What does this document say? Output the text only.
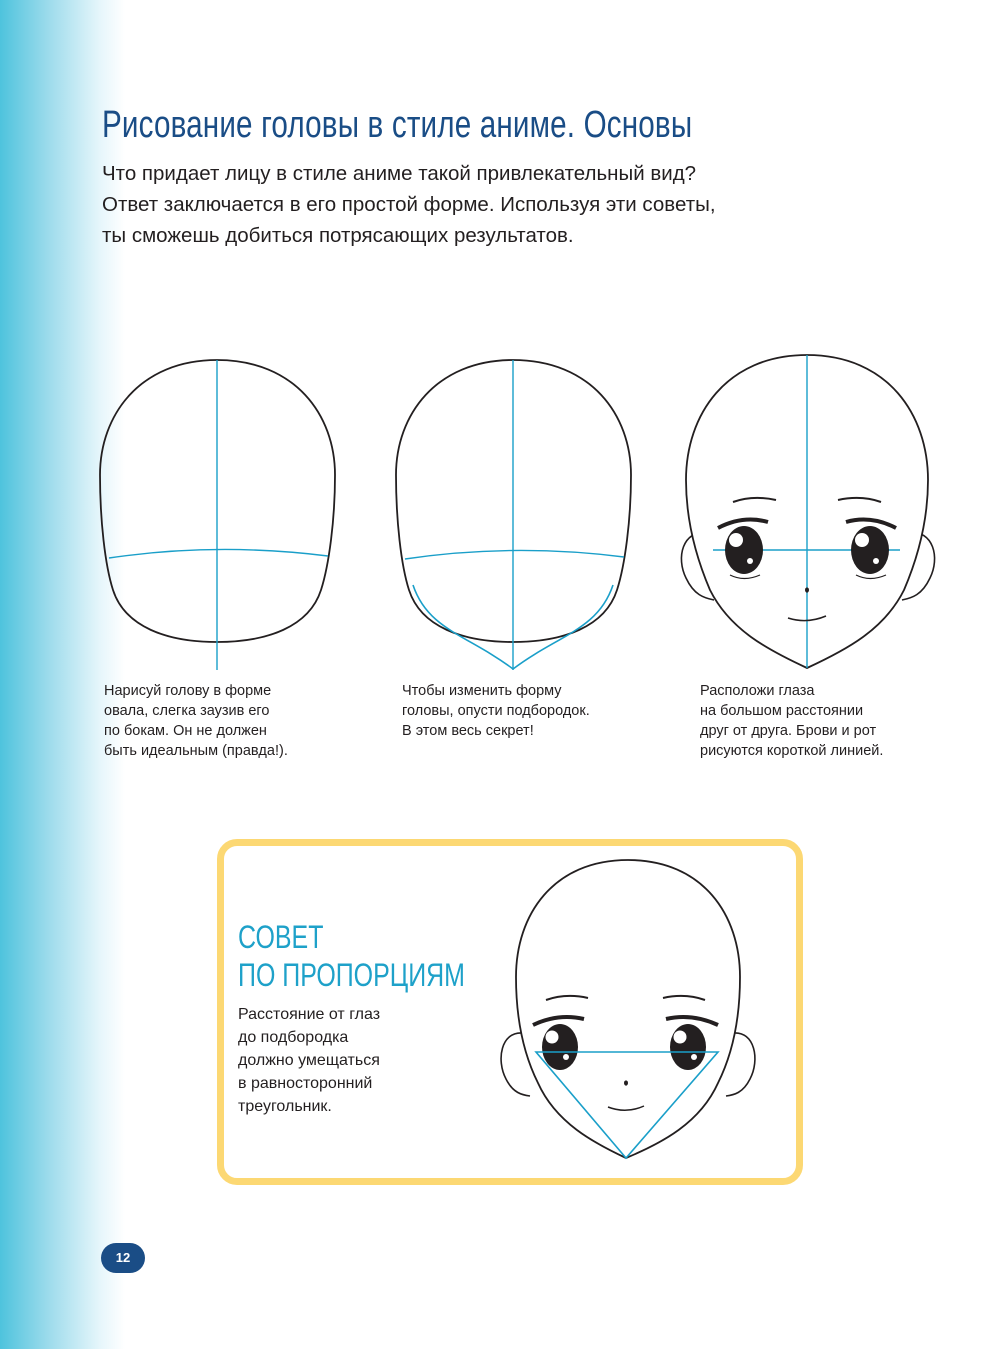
Рисование головы в стиле аниме. Основы
Что придает лицу в стиле аниме такой привлекательный вид?
Ответ заключается в его простой форме. Используя эти советы,
ты сможешь добиться потрясающих результатов.
Нарисуй голову в форме
овала, слегка заузив его
по бокам. Он не должен
быть идеальным (правда!).
Чтобы изменить форму
головы, опусти подбородок.
В этом весь секрет!
Расположи глаза
на большом расстоянии
друг от друга. Брови и рот
рисуются короткой линией.
СОВЕТ
ПО ПРОПОРЦИЯМ
Расстояние от глаз
до подбородка
должно умещаться
в равносторонний
треугольник.
12
